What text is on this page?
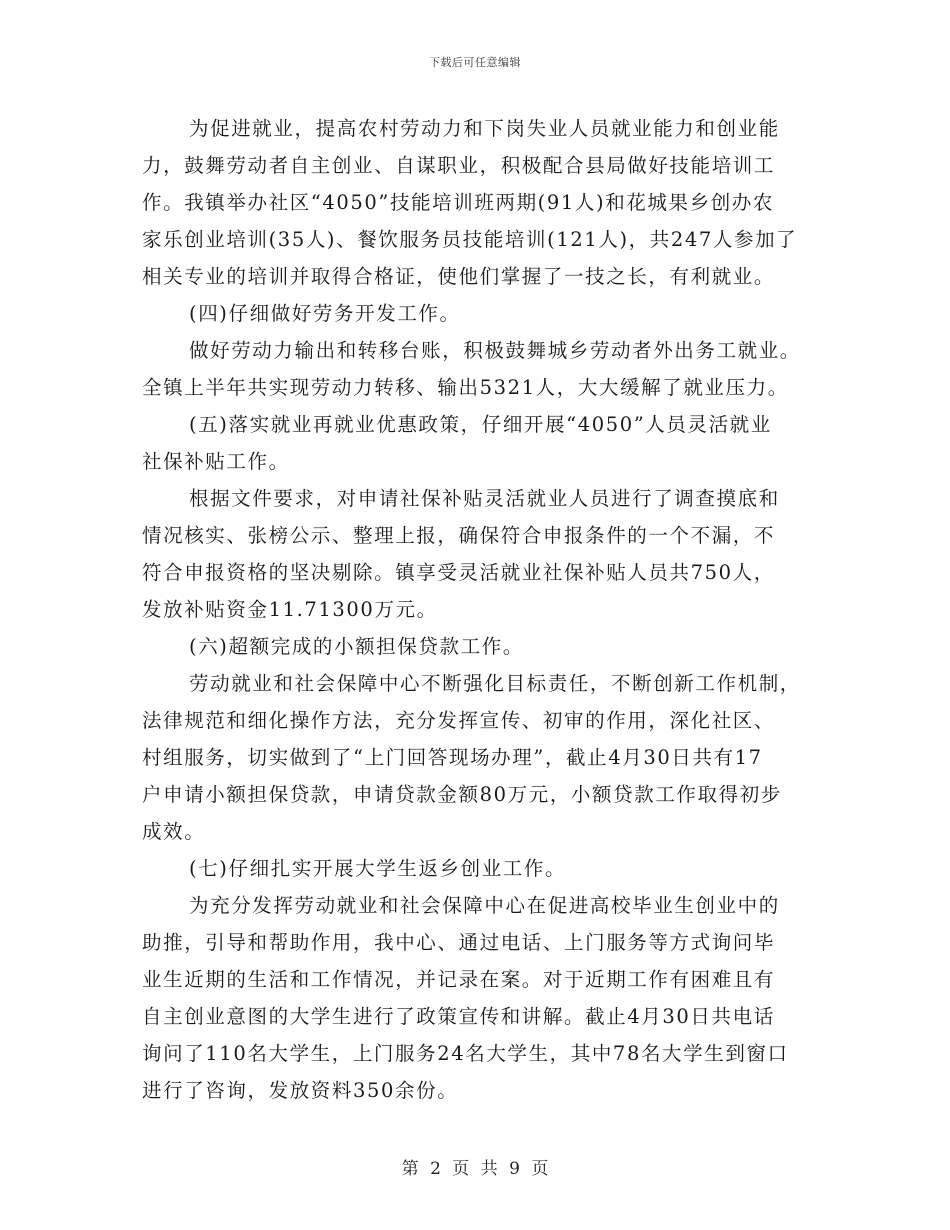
下载后可任意编辑
为促进就业，提高农村劳动力和下岗失业人员就业能力和创业能
力，鼓舞劳动者自主创业、自谋职业，积极配合县局做好技能培训工
作。我镇举办社区“4050”技能培训班两期(91人)和花城果乡创办农
家乐创业培训(35人)、餐饮服务员技能培训(121人)，共247人参加了
相关专业的培训并取得合格证，使他们掌握了一技之长，有利就业。
(四)仔细做好劳务开发工作。
做好劳动力输出和转移台账，积极鼓舞城乡劳动者外出务工就业。
全镇上半年共实现劳动力转移、输出5321人，大大缓解了就业压力。
(五)落实就业再就业优惠政策，仔细开展“4050”人员灵活就业
社保补贴工作。
根据文件要求，对申请社保补贴灵活就业人员进行了调查摸底和
情况核实、张榜公示、整理上报，确保符合申报条件的一个不漏，不
符合申报资格的坚决剔除。镇享受灵活就业社保补贴人员共750人，
发放补贴资金11.71300万元。
(六)超额完成的小额担保贷款工作。
劳动就业和社会保障中心不断强化目标责任，不断创新工作机制，
法律规范和细化操作方法，充分发挥宣传、初审的作用，深化社区、
村组服务，切实做到了“上门回答现场办理”，截止4月30日共有17
户申请小额担保贷款，申请贷款金额80万元，小额贷款工作取得初步
成效。
(七)仔细扎实开展大学生返乡创业工作。
为充分发挥劳动就业和社会保障中心在促进高校毕业生创业中的
助推，引导和帮助作用，我中心、通过电话、上门服务等方式询问毕
业生近期的生活和工作情况，并记录在案。对于近期工作有困难且有
自主创业意图的大学生进行了政策宣传和讲解。截止4月30日共电话
询问了110名大学生，上门服务24名大学生，其中78名大学生到窗口
进行了咨询，发放资料350余份。
第 2 页 共 9 页
